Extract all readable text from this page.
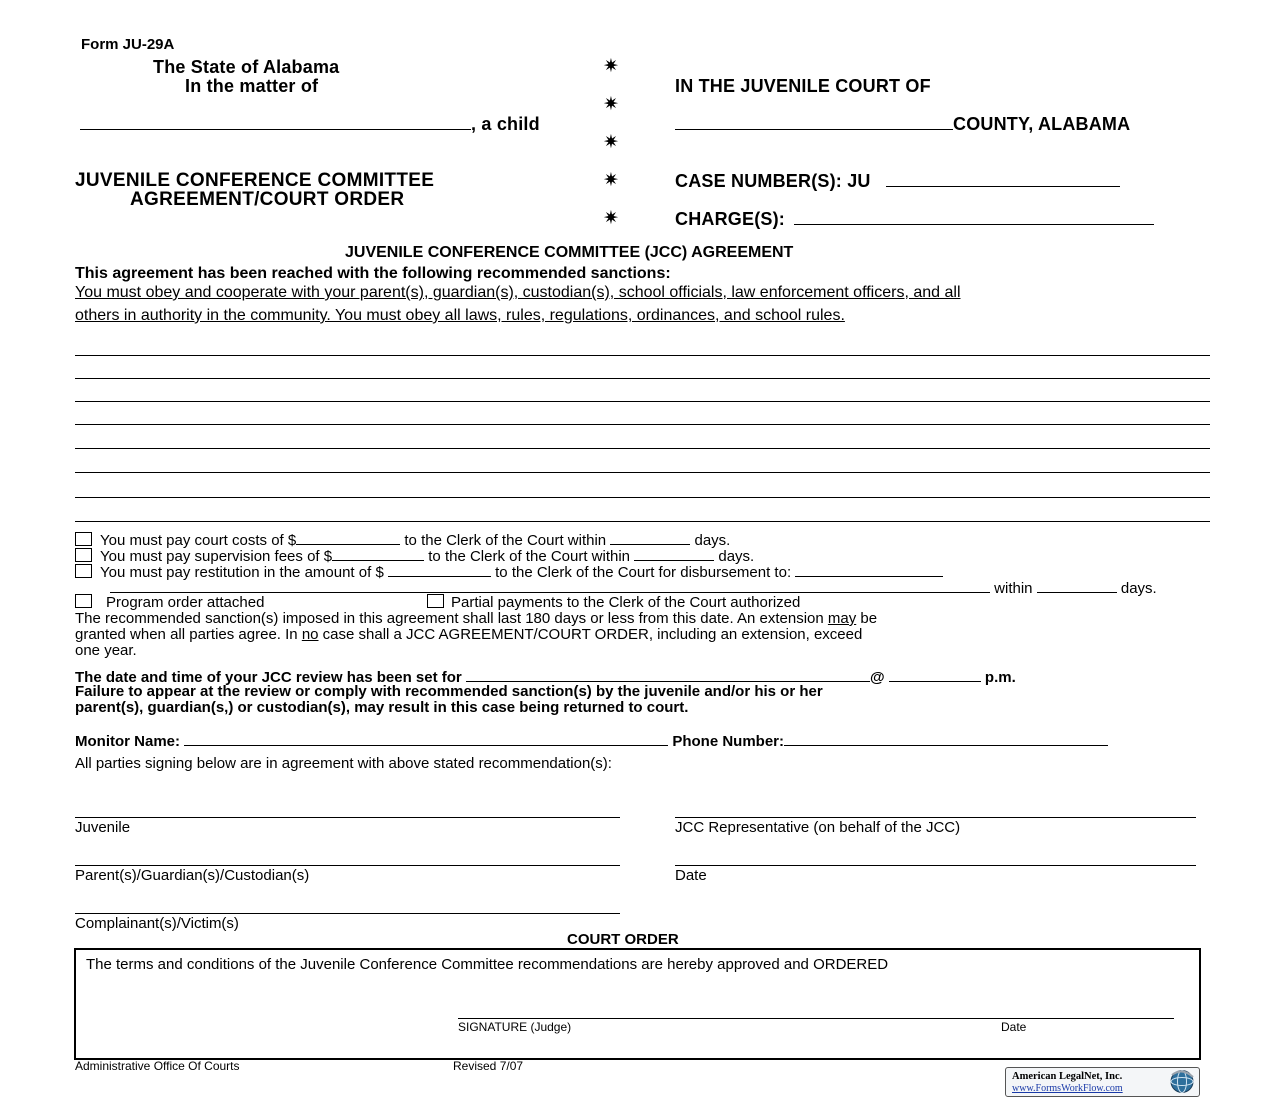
Form JU-29A
The State of Alabama
In the matter of
, a child
JUVENILE CONFERENCE COMMITTEE
AGREEMENT/COURT ORDER
✷
✷
✷
✷
✷
IN THE JUVENILE COURT OF
COUNTY, ALABAMA
CASE NUMBER(S): JU
CHARGE(S):
JUVENILE CONFERENCE COMMITTEE (JCC) AGREEMENT
This agreement has been reached with the following recommended sanctions:
You must obey and cooperate with your parent(s), guardian(s), custodian(s), school officials, law enforcement officers, and all
others in authority in the community. You must obey all laws, rules, regulations, ordinances, and school rules.
You must pay court costs of $	to the Clerk of the Court within	days.
You must pay supervision fees of $	to the Clerk of the Court within	days.
You must pay restitution in the amount of $	to the Clerk of the Court for disbursement to:
within	days.
Program order attached	Partial payments to the Clerk of the Court authorized
The recommended sanction(s) imposed in this agreement shall last 180 days or less from this date. An extension may be
granted when all parties agree. In no case shall a JCC AGREEMENT/COURT ORDER, including an extension, exceed
one year.
The date and time of your JCC review has been set for	@	p.m.
Failure to appear at the review or comply with recommended sanction(s) by the juvenile and/or his or her
parent(s), guardian(s,) or custodian(s), may result in this case being returned to court.
Monitor Name:	Phone Number:
All parties signing below are in agreement with above stated recommendation(s):
Juvenile	JCC Representative (on behalf of the JCC)
Parent(s)/Guardian(s)/Custodian(s)	Date
Complainant(s)/Victim(s)
COURT ORDER
The terms and conditions of the Juvenile Conference Committee recommendations are hereby approved and ORDERED
SIGNATURE (Judge)	Date
Administrative Office Of Courts	Revised 7/07
American LegalNet, Inc.
www.FormsWorkFlow.com
